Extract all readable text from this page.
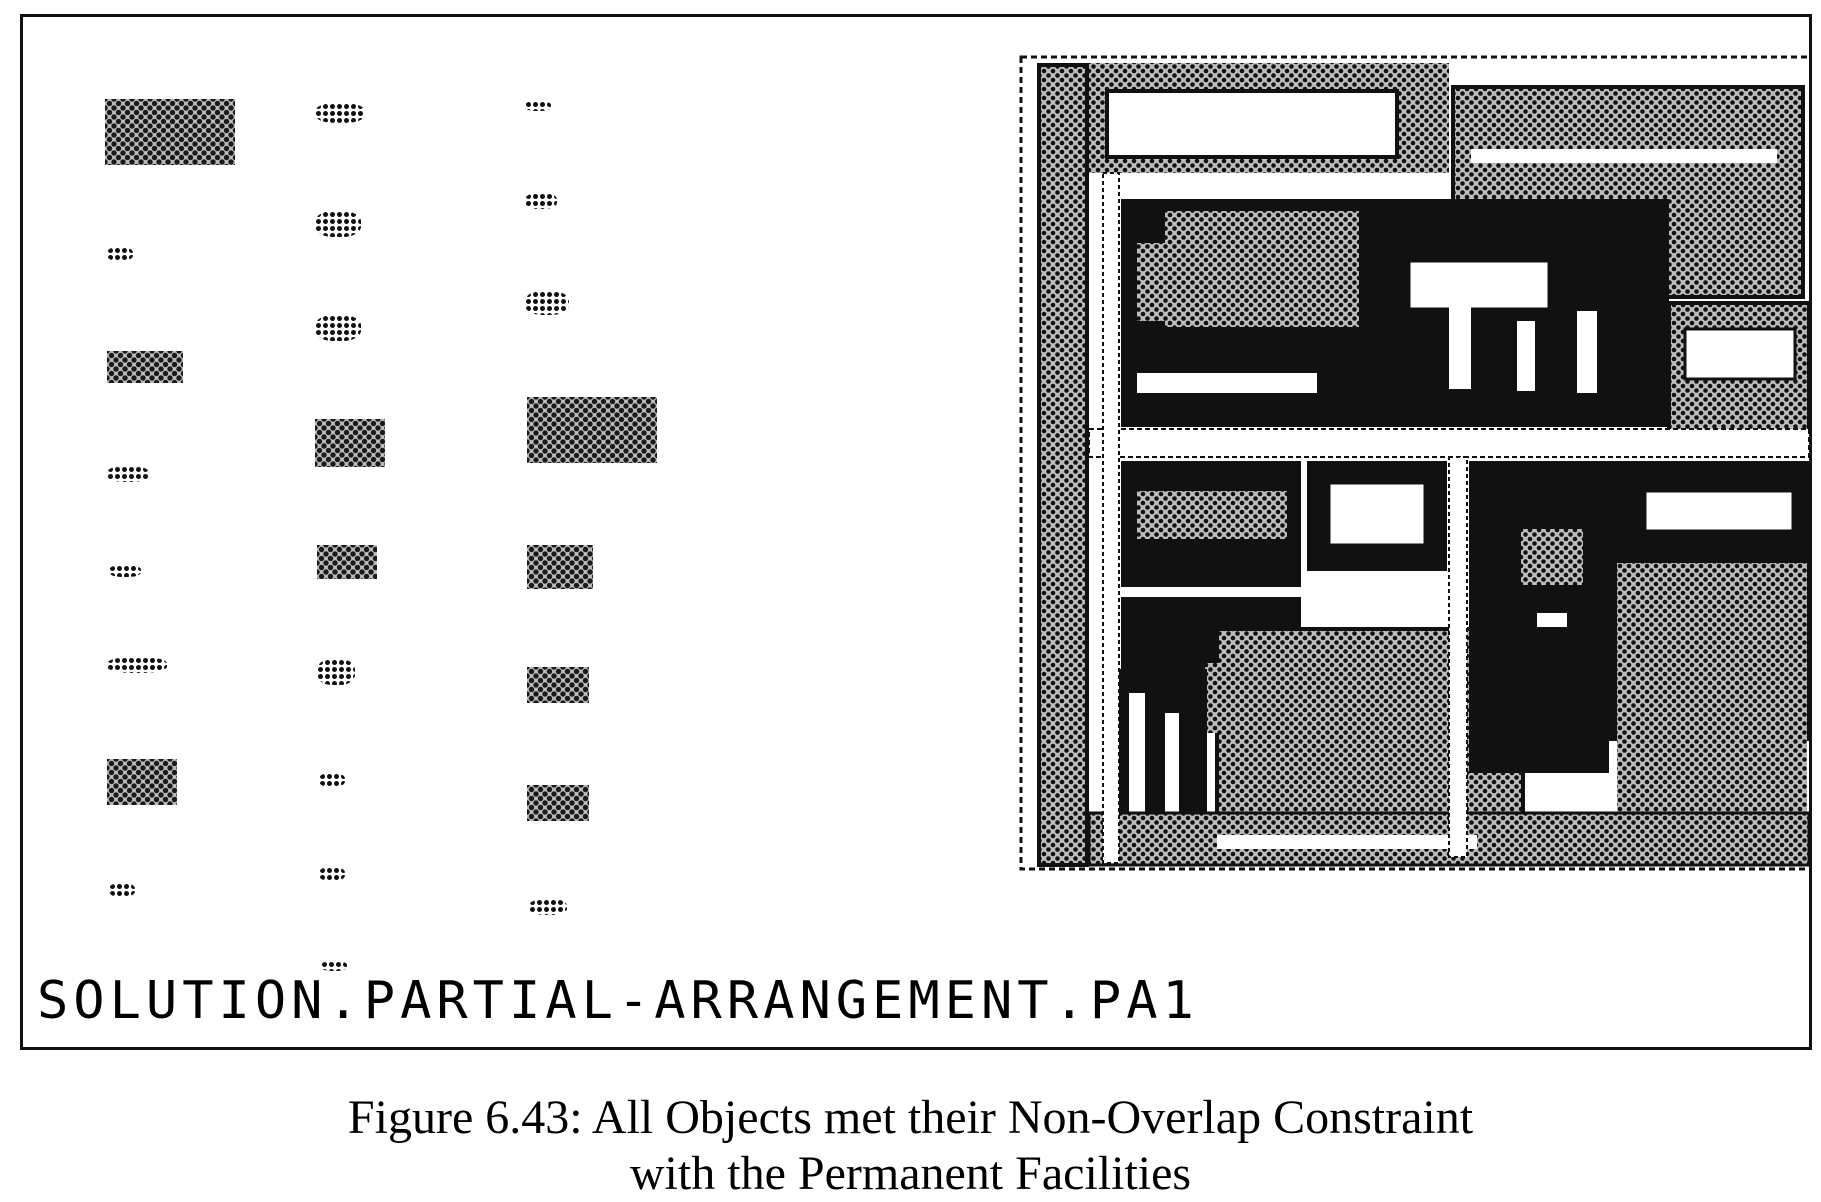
SOLUTION.PARTIAL-ARRANGEMENT.PA1
Figure 6.43: All Objects met their Non-Overlap Constraint
with the Permanent Facilities
